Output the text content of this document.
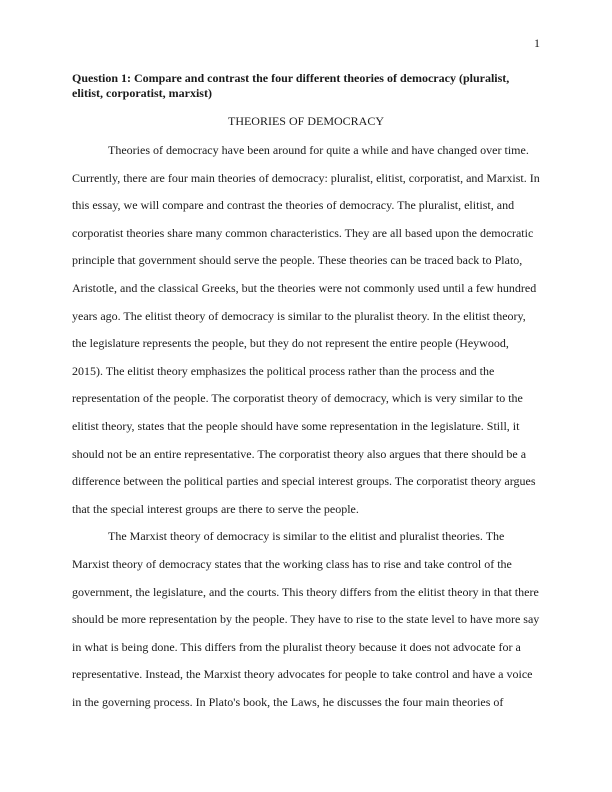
1

Question 1: Compare and contrast the four different theories of democracy (pluralist, elitist, corporatist, marxist)

THEORIES OF DEMOCRACY

Theories of democracy have been around for quite a while and have changed over time. Currently, there are four main theories of democracy: pluralist, elitist, corporatist, and Marxist. In this essay, we will compare and contrast the theories of democracy. The pluralist, elitist, and corporatist theories share many common characteristics. They are all based upon the democratic principle that government should serve the people. These theories can be traced back to Plato, Aristotle, and the classical Greeks, but the theories were not commonly used until a few hundred years ago. The elitist theory of democracy is similar to the pluralist theory. In the elitist theory, the legislature represents the people, but they do not represent the entire people (Heywood, 2015). The elitist theory emphasizes the political process rather than the process and the representation of the people. The corporatist theory of democracy, which is very similar to the elitist theory, states that the people should have some representation in the legislature. Still, it should not be an entire representative. The corporatist theory also argues that there should be a difference between the political parties and special interest groups. The corporatist theory argues that the special interest groups are there to serve the people.

The Marxist theory of democracy is similar to the elitist and pluralist theories. The Marxist theory of democracy states that the working class has to rise and take control of the government, the legislature, and the courts. This theory differs from the elitist theory in that there should be more representation by the people. They have to rise to the state level to have more say in what is being done. This differs from the pluralist theory because it does not advocate for a representative. Instead, the Marxist theory advocates for people to take control and have a voice in the governing process. In Plato's book, the Laws, he discusses the four main theories of
